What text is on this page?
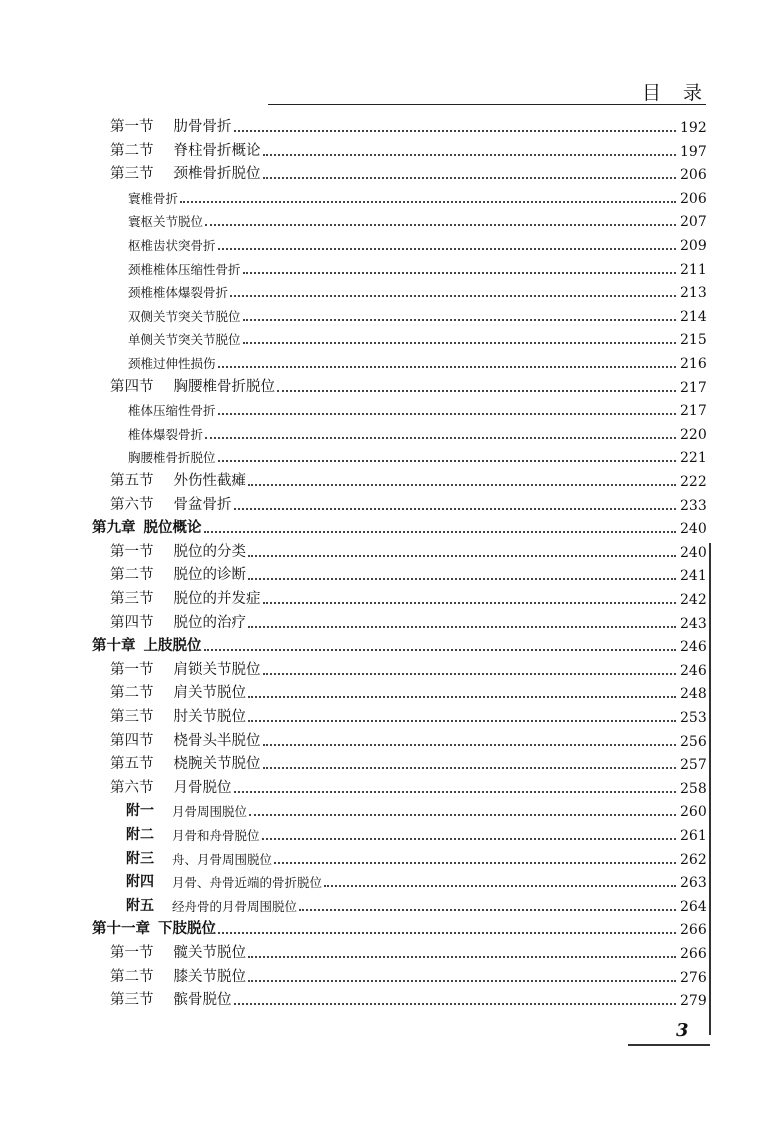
目录
第一节 肋骨骨折	192
第二节 脊柱骨折概论	197
第三节 颈椎骨折脱位	206
寰椎骨折	206
寰枢关节脱位	207
枢椎齿状突骨折	209
颈椎椎体压缩性骨折	211
颈椎椎体爆裂骨折	213
双侧关节突关节脱位	214
单侧关节突关节脱位	215
颈椎过伸性损伤	216
第四节 胸腰椎骨折脱位	217
椎体压缩性骨折	217
椎体爆裂骨折	220
胸腰椎骨折脱位	221
第五节 外伤性截瘫	222
第六节 骨盆骨折	233
第九章 脱位概论	240
第一节 脱位的分类	240
第二节 脱位的诊断	241
第三节 脱位的并发症	242
第四节 脱位的治疗	243
第十章 上肢脱位	246
第一节 肩锁关节脱位	246
第二节 肩关节脱位	248
第三节 肘关节脱位	253
第四节 桡骨头半脱位	256
第五节 桡腕关节脱位	257
第六节 月骨脱位	258
附一 月骨周围脱位	260
附二 月骨和舟骨脱位	261
附三 舟、月骨周围脱位	262
附四 月骨、舟骨近端的骨折脱位	263
附五 经舟骨的月骨周围脱位	264
第十一章 下肢脱位	266
第一节 髋关节脱位	266
第二节 膝关节脱位	276
第三节 髌骨脱位	279
3
